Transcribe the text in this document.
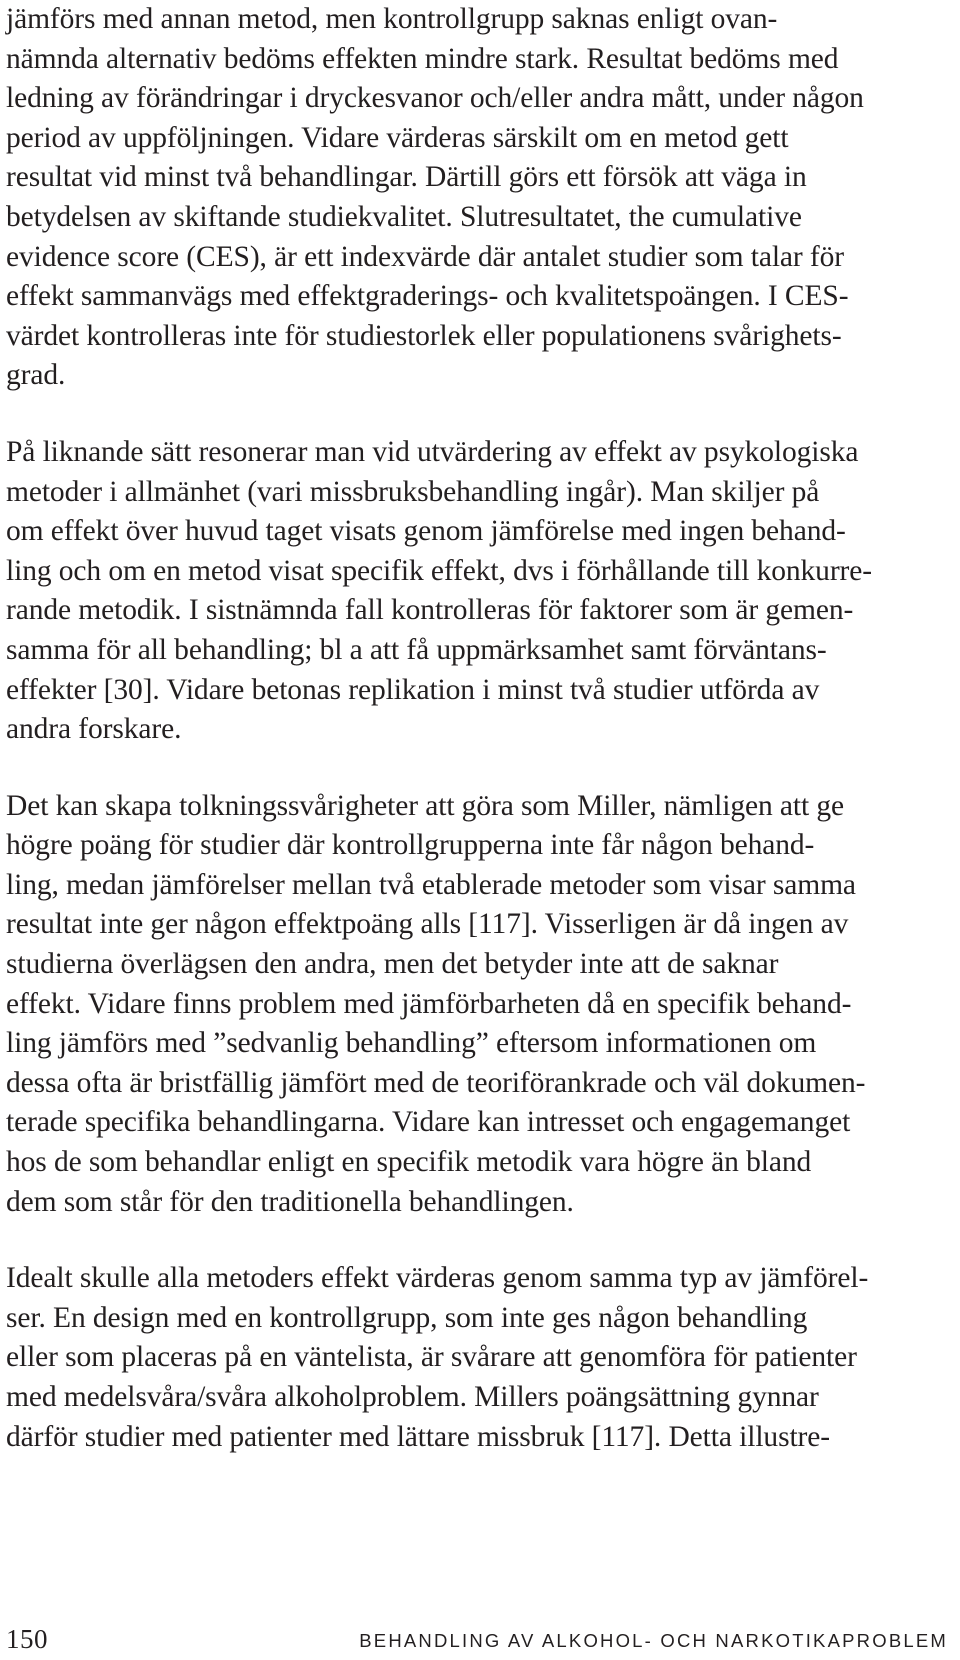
jämförs med annan metod, men kontrollgrupp saknas enligt ovan-
nämnda alternativ bedöms effekten mindre stark. Resultat bedöms med
ledning av förändringar i dryckesvanor och/eller andra mått, under någon
period av uppföljningen. Vidare värderas särskilt om en metod gett
resultat vid minst två behandlingar. Därtill görs ett försök att väga in
betydelsen av skiftande studiekvalitet. Slutresultatet, the cumulative
evidence score (CES), är ett indexvärde där antalet studier som talar för
effekt sammanvägs med effektgraderings- och kvalitetspoängen. I CES-
värdet kontrolleras inte för studiestorlek eller populationens svårighets-
grad.

På liknande sätt resonerar man vid utvärdering av effekt av psykologiska
metoder i allmänhet (vari missbruksbehandling ingår). Man skiljer på
om effekt över huvud taget visats genom jämförelse med ingen behand-
ling och om en metod visat specifik effekt, dvs i förhållande till konkurre-
rande metodik. I sistnämnda fall kontrolleras för faktorer som är gemen-
samma för all behandling; bl a att få uppmärksamhet samt förväntans-
effekter [30]. Vidare betonas replikation i minst två studier utförda av
andra forskare.

Det kan skapa tolkningssvårigheter att göra som Miller, nämligen att ge
högre poäng för studier där kontrollgrupperna inte får någon behand-
ling, medan jämförelser mellan två etablerade metoder som visar samma
resultat inte ger någon effektpoäng alls [117]. Visserligen är då ingen av
studierna överlägsen den andra, men det betyder inte att de saknar
effekt. Vidare finns problem med jämförbarheten då en specifik behand-
ling jämförs med ”sedvanlig behandling” eftersom informationen om
dessa ofta är bristfällig jämfört med de teoriförankrade och väl dokumen-
terade specifika behandlingarna. Vidare kan intresset och engagemanget
hos de som behandlar enligt en specifik metodik vara högre än bland
dem som står för den traditionella behandlingen.

Idealt skulle alla metoders effekt värderas genom samma typ av jämförel-
ser. En design med en kontrollgrupp, som inte ges någon behandling
eller som placeras på en väntelista, är svårare att genomföra för patienter
med medelsvåra/svåra alkoholproblem. Millers poängsättning gynnar
därför studier med patienter med lättare missbruk [117]. Detta illustre-

150	BEHANDLING AV ALKOHOL- OCH NARKOTIKAPROBLEM
